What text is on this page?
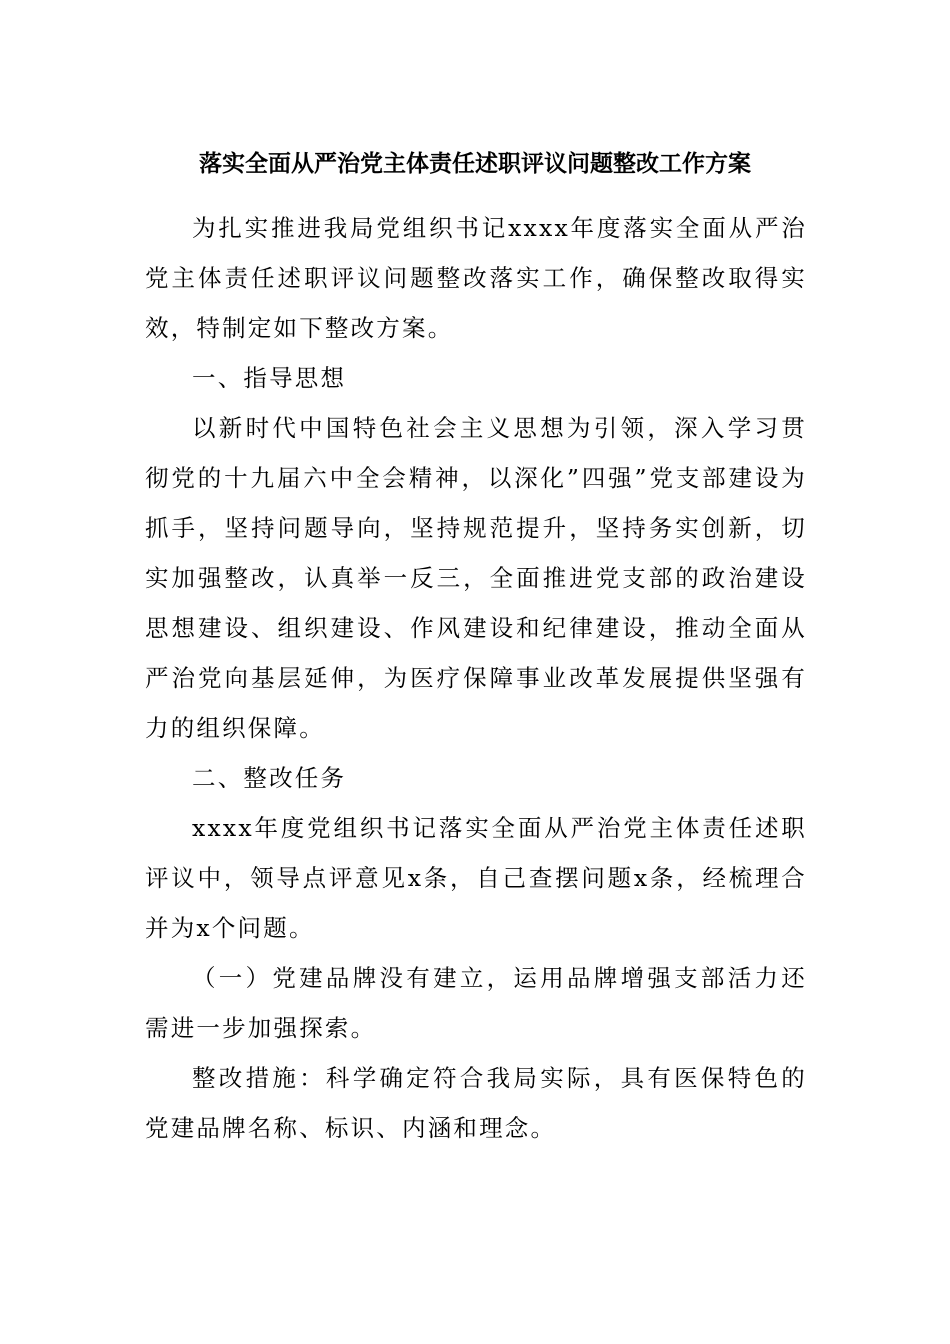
落实全面从严治党主体责任述职评议问题整改工作方案

为扎实推进我局党组织书记xxxx年度落实全面从严治党主体责任述职评议问题整改落实工作，确保整改取得实效，特制定如下整改方案。

一、指导思想

以新时代中国特色社会主义思想为引领，深入学习贯彻党的十九届六中全会精神，以深化”四强”党支部建设为抓手，坚持问题导向，坚持规范提升，坚持务实创新，切实加强整改，认真举一反三，全面推进党支部的政治建设思想建设、组织建设、作风建设和纪律建设，推动全面从严治党向基层延伸，为医疗保障事业改革发展提供坚强有力的组织保障。

二、整改任务

xxxx年度党组织书记落实全面从严治党主体责任述职评议中，领导点评意见x条，自己查摆问题x条，经梳理合并为x个问题。

（一）党建品牌没有建立，运用品牌增强支部活力还需进一步加强探索。

整改措施：科学确定符合我局实际，具有医保特色的党建品牌名称、标识、内涵和理念。
